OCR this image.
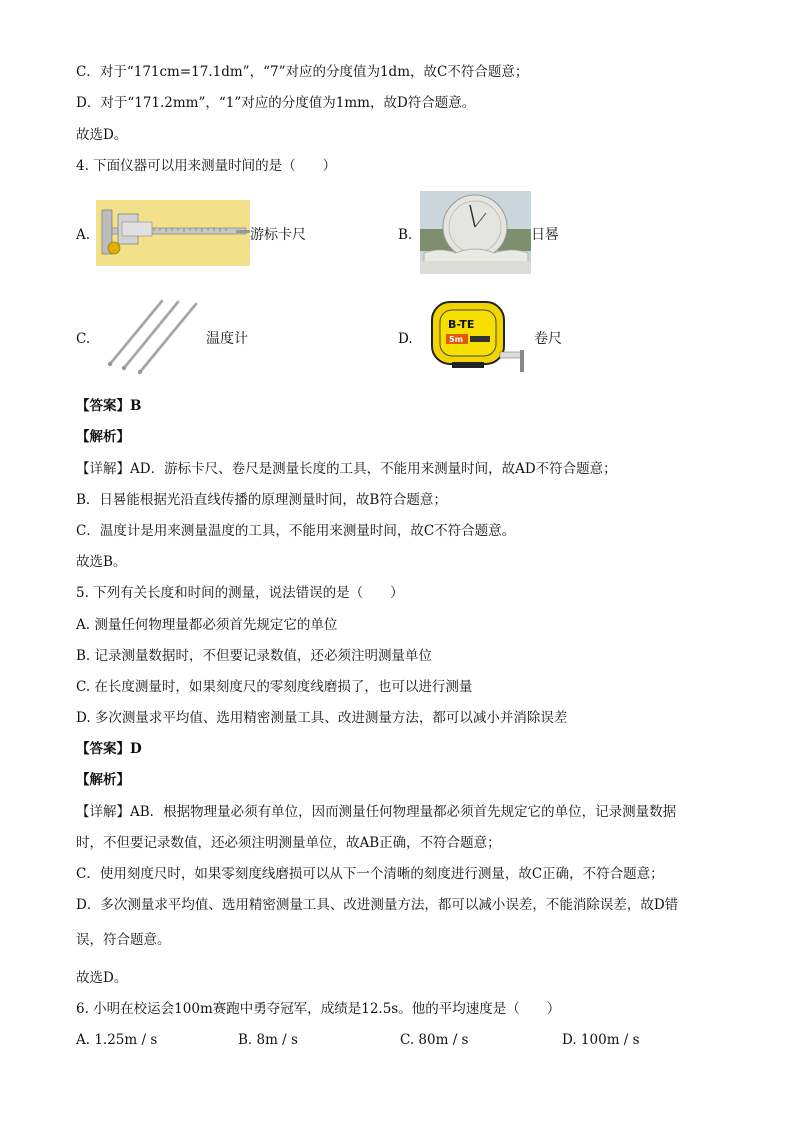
C．对于“171cm=17.1dm”，“7”对应的分度值为1dm，故C不符合题意；
D．对于“171.2mm”，“1”对应的分度值为1mm，故D符合题意。
故选D。
4. 下面仪器可以用来测量时间的是（　　）
A.	游标卡尺	B.	日晷
C.	温度计	D.
B-TE
5m	卷尺
【答案】B
【解析】
【详解】AD．游标卡尺、卷尺是测量长度的工具，不能用来测量时间，故AD不符合题意；
B．日晷能根据光沿直线传播的原理测量时间，故B符合题意；
C．温度计是用来测量温度的工具，不能用来测量时间，故C不符合题意。
故选B。
5. 下列有关长度和时间的测量，说法错误的是（　　）
A. 测量任何物理量都必须首先规定它的单位
B. 记录测量数据时，不但要记录数值，还必须注明测量单位
C. 在长度测量时，如果刻度尺的零刻度线磨损了，也可以进行测量
D. 多次测量求平均值、选用精密测量工具、改进测量方法，都可以减小并消除误差
【答案】D
【解析】
【详解】AB．根据物理量必须有单位，因而测量任何物理量都必须首先规定它的单位，记录测量数据
时，不但要记录数值，还必须注明测量单位，故AB正确，不符合题意；
C．使用刻度尺时，如果零刻度线磨损可以从下一个清晰的刻度进行测量，故C正确，不符合题意；
D．多次测量求平均值、选用精密测量工具、改进测量方法，都可以减小误差，不能消除误差，故D错
误，符合题意。
故选D。
6. 小明在校运会100m赛跑中勇夺冠军，成绩是12.5s。他的平均速度是（　　）
A. 1.25m / s	B. 8m / s	C. 80m / s	D. 100m / s
